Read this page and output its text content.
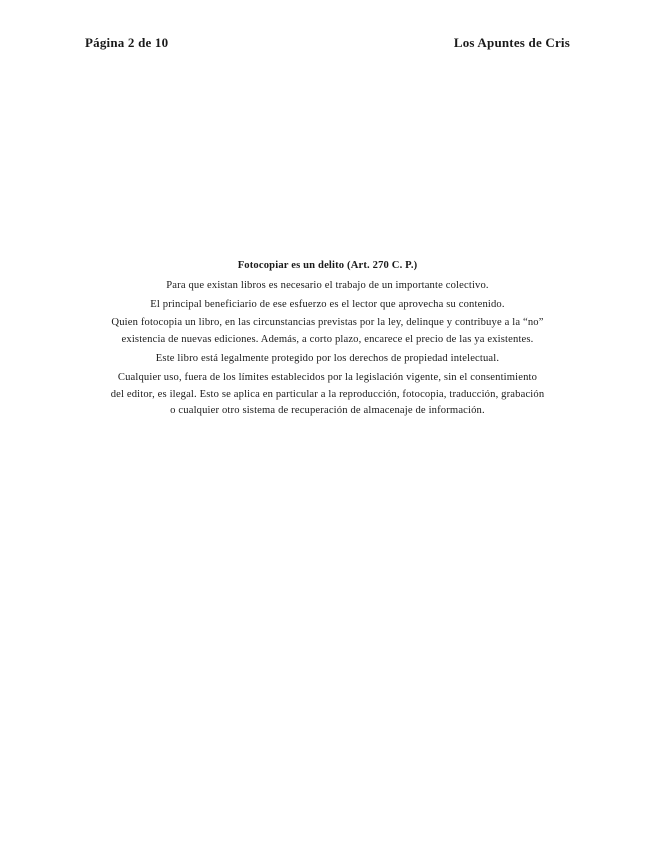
Página 2 de 10	Los Apuntes de Cris

Fotocopiar es un delito (Art. 270 C. P.)

Para que existan libros es necesario el trabajo de un importante colectivo.

El principal beneficiario de ese esfuerzo es el lector que aprovecha su contenido.

Quien fotocopia un libro, en las circunstancias previstas por la ley, delinque y contribuye a la “no” existencia de nuevas ediciones. Además, a corto plazo, encarece el precio de las ya existentes.

Este libro está legalmente protegido por los derechos de propiedad intelectual.

Cualquier uso, fuera de los límites establecidos por la legislación vigente, sin el consentimiento del editor, es ilegal. Esto se aplica en particular a la reproducción, fotocopia, traducción, grabación o cualquier otro sistema de recuperación de almacenaje de información.
